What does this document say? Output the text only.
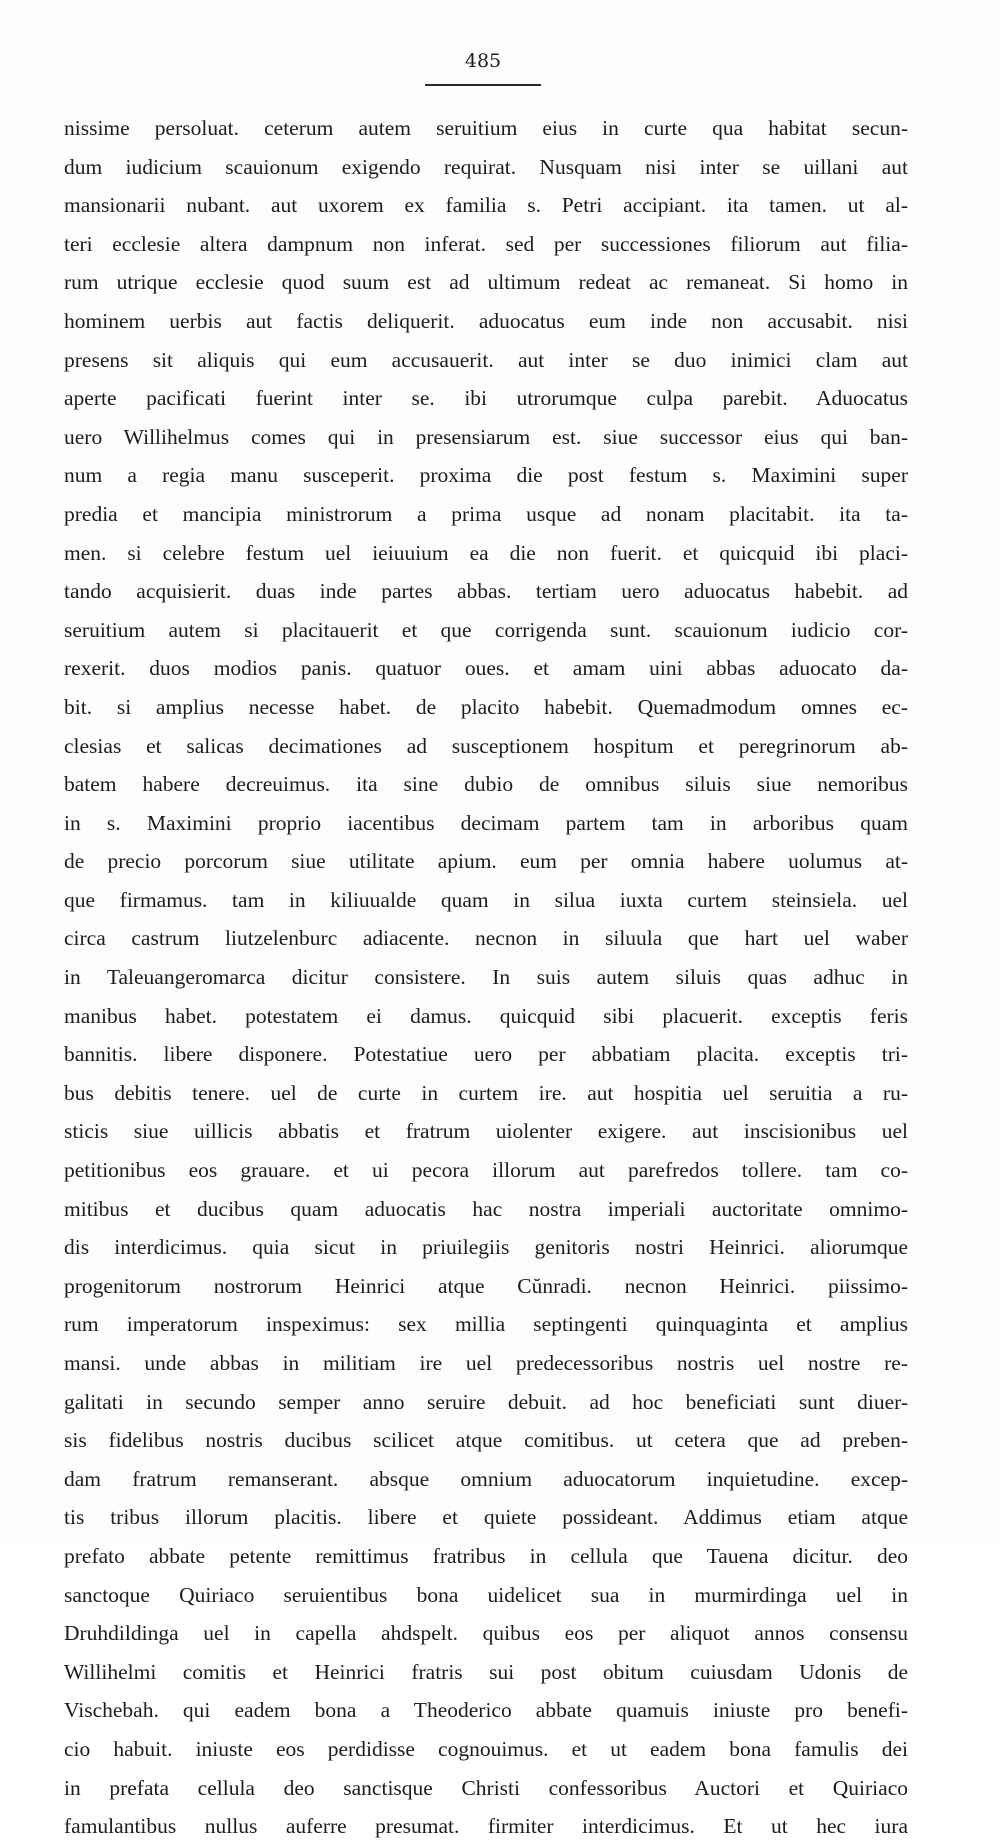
485
nissime persoluat. ceterum autem seruitium eius in curte qua habitat secun-
dum iudicium scauionum exigendo requirat. Nusquam nisi inter se uillani aut
mansionarii nubant. aut uxorem ex familia s. Petri accipiant. ita tamen. ut al-
teri ecclesie altera dampnum non inferat. sed per successiones filiorum aut filia-
rum utrique ecclesie quod suum est ad ultimum redeat ac remaneat. Si homo in
hominem uerbis aut factis deliquerit. aduocatus eum inde non accusabit. nisi
presens sit aliquis qui eum accusauerit. aut inter se duo inimici clam aut
aperte pacificati fuerint inter se. ibi utrorumque culpa parebit. Aduocatus
uero Willihelmus comes qui in presensiarum est. siue successor eius qui ban-
num a regia manu susceperit. proxima die post festum s. Maximini super
predia et mancipia ministrorum a prima usque ad nonam placitabit. ita ta-
men. si celebre festum uel ieiuuium ea die non fuerit. et quicquid ibi placi-
tando acquisierit. duas inde partes abbas. tertiam uero aduocatus habebit. ad
seruitium autem si placitauerit et que corrigenda sunt. scauionum iudicio cor-
rexerit. duos modios panis. quatuor oues. et amam uini abbas aduocato da-
bit. si amplius necesse habet. de placito habebit. Quemadmodum omnes ec-
clesias et salicas decimationes ad susceptionem hospitum et peregrinorum ab-
batem habere decreuimus. ita sine dubio de omnibus siluis siue nemoribus
in s. Maximini proprio iacentibus decimam partem tam in arboribus quam
de precio porcorum siue utilitate apium. eum per omnia habere uolumus at-
que firmamus. tam in kiliuualde quam in silua iuxta curtem steinsiela. uel
circa castrum liutzelenburc adiacente. necnon in siluula que hart uel waber
in Taleuangeromarca dicitur consistere. In suis autem siluis quas adhuc in
manibus habet. potestatem ei damus. quicquid sibi placuerit. exceptis feris
bannitis. libere disponere. Potestatiue uero per abbatiam placita. exceptis tri-
bus debitis tenere. uel de curte in curtem ire. aut hospitia uel seruitia a ru-
sticis siue uillicis abbatis et fratrum uiolenter exigere. aut inscisionibus uel
petitionibus eos grauare. et ui pecora illorum aut parefredos tollere. tam co-
mitibus et ducibus quam aduocatis hac nostra imperiali auctoritate omnimo-
dis interdicimus. quia sicut in priuilegiis genitoris nostri Heinrici. aliorumque
progenitorum nostrorum Heinrici atque Cŭnradi. necnon Heinrici. piissimo-
rum imperatorum inspeximus: sex millia septingenti quinquaginta et amplius
mansi. unde abbas in militiam ire uel predecessoribus nostris uel nostre re-
galitati in secundo semper anno seruire debuit. ad hoc beneficiati sunt diuer-
sis fidelibus nostris ducibus scilicet atque comitibus. ut cetera que ad preben-
dam fratrum remanserant. absque omnium aduocatorum inquietudine. excep-
tis tribus illorum placitis. libere et quiete possideant. Addimus etiam atque
prefato abbate petente remittimus fratribus in cellula que Tauena dicitur. deo
sanctoque Quiriaco seruientibus bona uidelicet sua in murmirdinga uel in
Druhdildinga uel in capella ahdspelt. quibus eos per aliquot annos consensu
Willihelmi comitis et Heinrici fratris sui post obitum cuiusdam Udonis de
Vischebah. qui eadem bona a Theoderico abbate quamuis iniuste pro benefi-
cio habuit. iniuste eos perdidisse cognouimus. et ut eadem bona famulis dei
in prefata cellula deo sanctisque Christi confessoribus Auctori et Quiriaco
famulantibus nullus auferre presumat. firmiter interdicimus. Et ut hec iura
